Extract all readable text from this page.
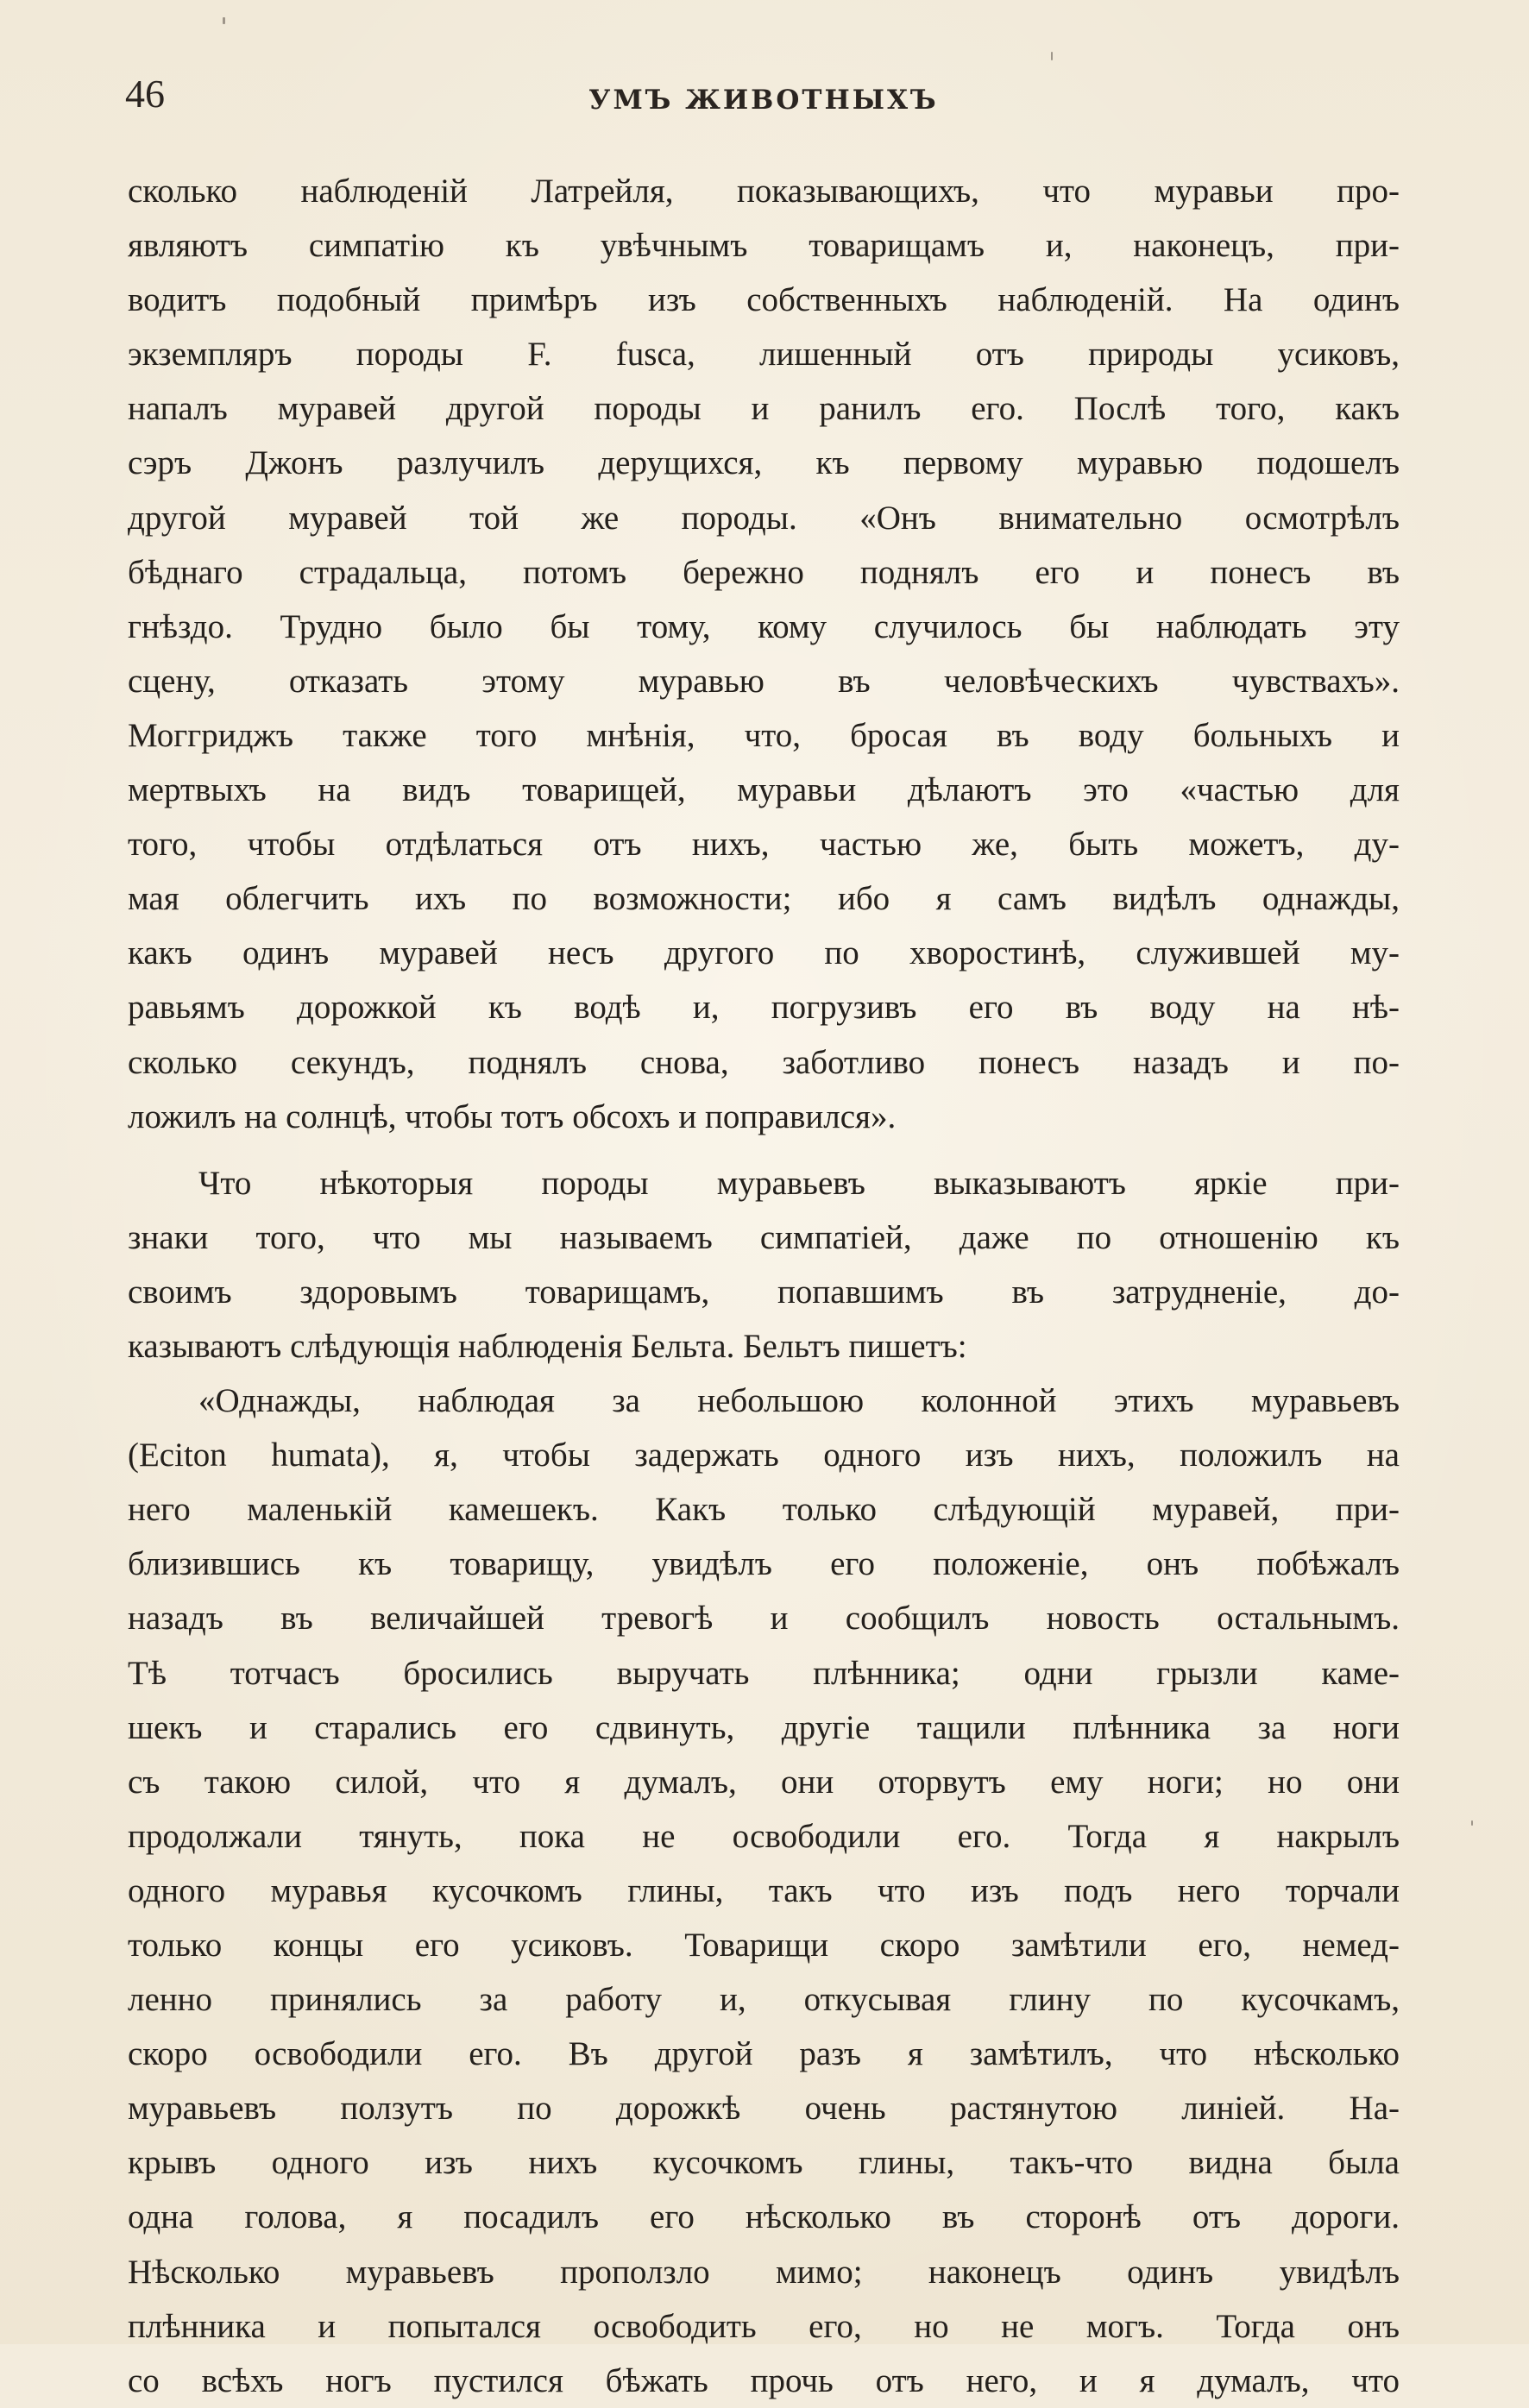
46	УМЪ ЖИВОТНЫХЪ
сколько наблюденій Латрейля, показывающихъ, что муравьи про-
являютъ симпатію къ увѣчнымъ товарищамъ и, наконецъ, при-
водитъ подобный примѣръ изъ собственныхъ наблюденій. На одинъ
экземпляръ породы F. fusca, лишенный отъ природы усиковъ,
напалъ муравей другой породы и ранилъ его. Послѣ того, какъ
сэръ Джонъ разлучилъ дерущихся, къ первому муравью подошелъ
другой муравей той же породы. «Онъ внимательно осмотрѣлъ
бѣднаго страдальца, потомъ бережно поднялъ его и понесъ въ
гнѣздо. Трудно было бы тому, кому случилось бы наблюдать эту
сцену, отказать этому муравью въ человѣческихъ чувствахъ».
Моггриджъ также того мнѣнія, что, бросая въ воду больныхъ и
мертвыхъ на видъ товарищей, муравьи дѣлаютъ это «частью для
того, чтобы отдѣлаться отъ нихъ, частью же, быть можетъ, ду-
мая облегчить ихъ по возможности; ибо я самъ видѣлъ однажды,
какъ одинъ муравей несъ другого по хворостинѣ, служившей му-
равьямъ дорожкой къ водѣ и, погрузивъ его въ воду на нѣ-
сколько секундъ, поднялъ снова, заботливо понесъ назадъ и по-
ложилъ на солнцѣ, чтобы тотъ обсохъ и поправился».
Что нѣкоторыя породы муравьевъ выказываютъ яркіе при-
знаки того, что мы называемъ симпатіей, даже по отношенію къ
своимъ здоровымъ товарищамъ, попавшимъ въ затрудненіе, до-
казываютъ слѣдующія наблюденія Бельта. Бельтъ пишетъ:
«Однажды, наблюдая за небольшою колонной этихъ муравьевъ
(Eciton humata), я, чтобы задержать одного изъ нихъ, положилъ на
него маленькій камешекъ. Какъ только слѣдующій муравей, при-
близившись къ товарищу, увидѣлъ его положеніе, онъ побѣжалъ
назадъ въ величайшей тревогѣ и сообщилъ новость остальнымъ.
Тѣ тотчасъ бросились выручать плѣнника; одни грызли каме-
шекъ и старались его сдвинуть, другіе тащили плѣнника за ноги
съ такою силой, что я думалъ, они оторвутъ ему ноги; но они
продолжали тянуть, пока не освободили его. Тогда я накрылъ
одного муравья кусочкомъ глины, такъ что изъ подъ него торчали
только концы его усиковъ. Товарищи скоро замѣтили его, немед-
ленно принялись за работу и, откусывая глину по кусочкамъ,
скоро освободили его. Въ другой разъ я замѣтилъ, что нѣсколько
муравьевъ ползутъ по дорожкѣ очень растянутою линіей. На-
крывъ одного изъ нихъ кусочкомъ глины, такъ-что видна была
одна голова, я посадилъ его нѣсколько въ сторонѣ отъ дороги.
Нѣсколько муравьевъ проползло мимо; наконецъ одинъ увидѣлъ
плѣнника и попытался освободить его, но не могъ. Тогда онъ
со всѣхъ ногъ пустился бѣжать прочь отъ него, и я думалъ, что
